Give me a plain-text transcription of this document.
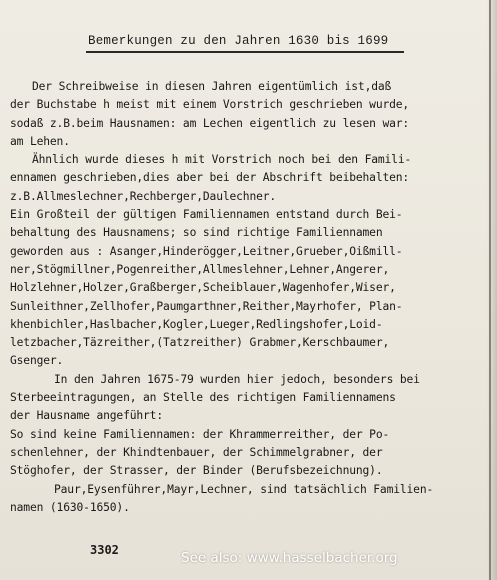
Bemerkungen zu den Jahren 1630 bis 1699
Der Schreibweise in diesen Jahren eigentümlich ist,daß
der Buchstabe h meist mit einem Vorstrich geschrieben wurde,
sodaß z.B.beim Hausnamen: am Lechen eigentlich zu lesen war:
am Lehen.
Ähnlich wurde dieses h mit Vorstrich noch bei den Famili-
ennamen geschrieben,dies aber bei der Abschrift beibehalten:
z.B.Allmeslechner,Rechberger,Daulechner.
Ein Großteil der gültigen Familiennamen entstand durch Bei-
behaltung des Hausnamens; so sind richtige Familiennamen
geworden aus : Asanger,Hinderögger,Leitner,Grueber,Oißmill-
ner,Stögmillner,Pogenreither,Allmeslehner,Lehner,Angerer,
Holzlehner,Holzer,Graßberger,Scheiblauer,Wagenhofer,Wiser,
Sunleithner,Zellhofer,Paumgarthner,Reither,Mayrhofer, Plan-
khenbichler,Haslbacher,Kogler,Lueger,Redlingshofer,Loid-
letzbacher,Täzreither,(Tatzreither) Grabmer,Kerschbaumer,
Gsenger.
In den Jahren 1675-79 wurden hier jedoch, besonders bei
Sterbeeintragungen, an Stelle des richtigen Familiennamens
der Hausname angeführt:
So sind keine Familiennamen: der Khrammerreither, der Po-
schenlehner, der Khindtenbauer, der Schimmelgrabner, der
Stöghofer, der Strasser, der Binder (Berufsbezeichnung).
Paur,Eysenführer,Mayr,Lechner, sind tatsächlich Familien-
namen (1630-1650).
3302	See also: www.hasselbacher.org
